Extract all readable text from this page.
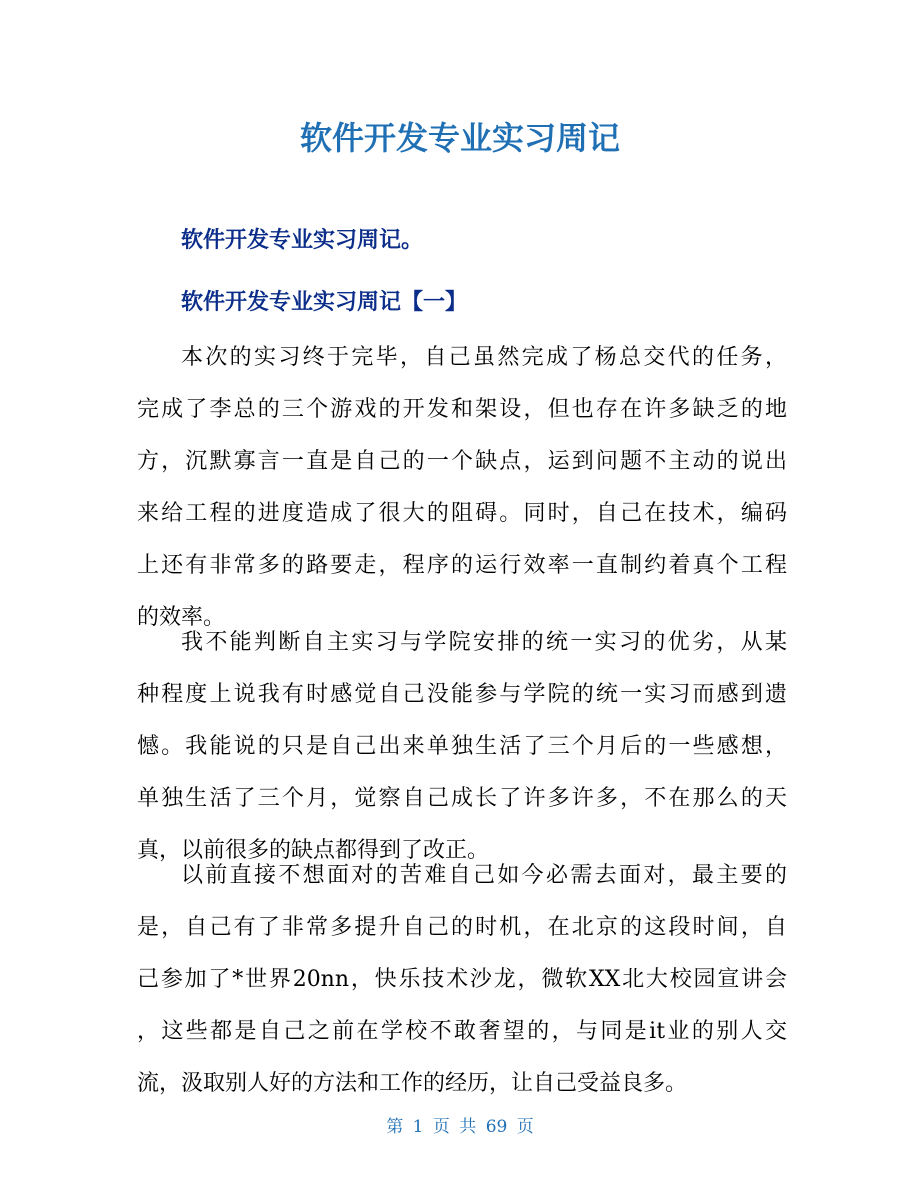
软件开发专业实习周记
软件开发专业实习周记。
软件开发专业实习周记【一】
本次的实习终于完毕，自己虽然完成了杨总交代的任务，
完成了李总的三个游戏的开发和架设，但也存在许多缺乏的地
方，沉默寡言一直是自己的一个缺点，运到问题不主动的说出
来给工程的进度造成了很大的阻碍。同时，自己在技术，编码
上还有非常多的路要走，程序的运行效率一直制约着真个工程
的效率。
我不能判断自主实习与学院安排的统一实习的优劣，从某
种程度上说我有时感觉自己没能参与学院的统一实习而感到遗
憾。我能说的只是自己出来单独生活了三个月后的一些感想，
单独生活了三个月，觉察自己成长了许多许多，不在那么的天
真，以前很多的缺点都得到了改正。
以前直接不想面对的苦难自己如今必需去面对，最主要的
是，自己有了非常多提升自己的时机，在北京的这段时间，自
己参加了*世界20nn，快乐技术沙龙，微软XX北大校园宣讲会
，这些都是自己之前在学校不敢奢望的，与同是it业的别人交
流，汲取别人好的方法和工作的经历，让自己受益良多。
第 1 页 共 69 页
